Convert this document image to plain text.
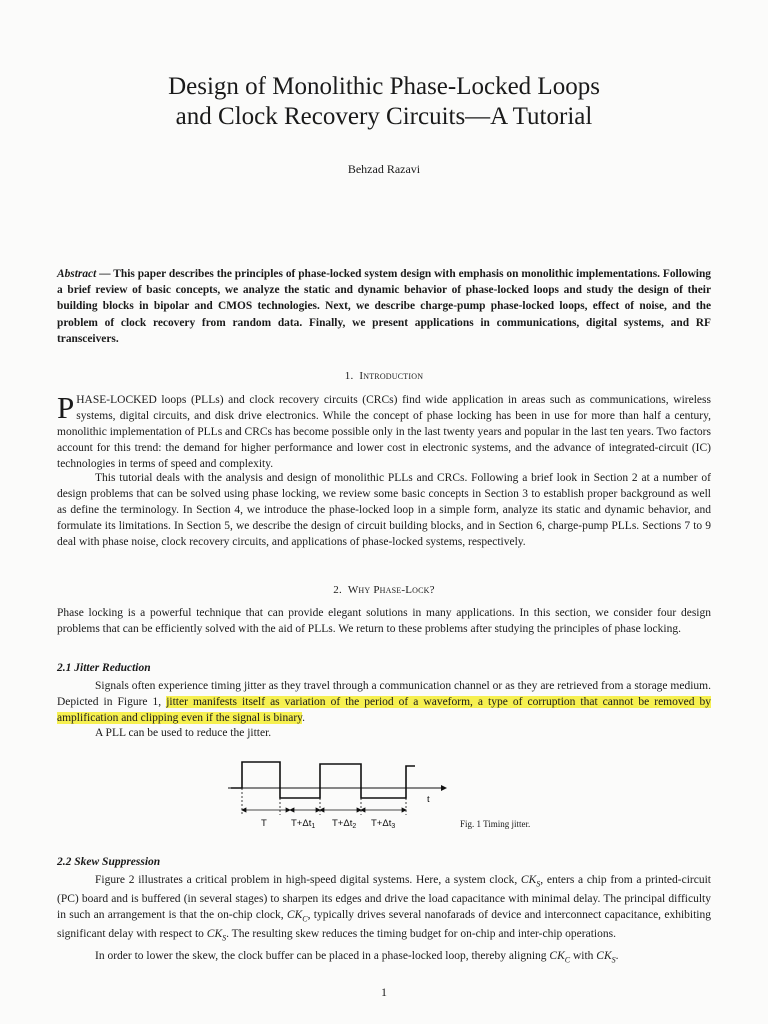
Design of Monolithic Phase-Locked Loops
and Clock Recovery Circuits—A Tutorial
Behzad Razavi
Abstract — This paper describes the principles of phase-locked system design with emphasis on monolithic implementations. Following a brief review of basic concepts, we analyze the static and dynamic behavior of phase-locked loops and study the design of their building blocks in bipolar and CMOS technologies. Next, we describe charge-pump phase-locked loops, effect of noise, and the problem of clock recovery from random data. Finally, we present applications in communications, digital systems, and RF transceivers.
1. Introduction
PHASE-LOCKED loops (PLLs) and clock recovery circuits (CRCs) find wide application in areas such as communications, wireless systems, digital circuits, and disk drive electronics. While the concept of phase locking has been in use for more than half a century, monolithic implementation of PLLs and CRCs has become possible only in the last twenty years and popular in the last ten years. Two factors account for this trend: the demand for higher performance and lower cost in electronic systems, and the advance of integrated-circuit (IC) technologies in terms of speed and complexity.
This tutorial deals with the analysis and design of monolithic PLLs and CRCs. Following a brief look in Section 2 at a number of design problems that can be solved using phase locking, we review some basic concepts in Section 3 to establish proper background as well as define the terminology. In Section 4, we introduce the phase-locked loop in a simple form, analyze its static and dynamic behavior, and formulate its limitations. In Section 5, we describe the design of circuit building blocks, and in Section 6, charge-pump PLLs. Sections 7 to 9 deal with phase noise, clock recovery circuits, and applications of phase-locked systems, respectively.
2. Why Phase-Lock?
Phase locking is a powerful technique that can provide elegant solutions in many applications. In this section, we consider four design problems that can be efficiently solved with the aid of PLLs. We return to these problems after studying the principles of phase locking.
2.1 Jitter Reduction
Signals often experience timing jitter as they travel through a communication channel or as they are retrieved from a storage medium. Depicted in Figure 1, jitter manifests itself as variation of the period of a waveform, a type of corruption that cannot be removed by amplification and clipping even if the signal is binary.
A PLL can be used to reduce the jitter.
t
T	$T+\Delta t_1$ $T+\Delta t_2$ $T+\Delta t_3$	Fig. 1 Timing jitter.
2.2 Skew Suppression
Figure 2 illustrates a critical problem in high-speed digital systems. Here, a system clock, $CK_S$, enters a chip from a printed-circuit (PC) board and is buffered (in several stages) to sharpen its edges and drive the load capacitance with minimal delay. The principal difficulty in such an arrangement is that the on-chip clock, $CK_C$, typically drives several nanofarads of device and interconnect capacitance, exhibiting significant delay with respect to $CK_S$. The resulting skew reduces the timing budget for on-chip and inter-chip operations.
In order to lower the skew, the clock buffer can be placed in a phase-locked loop, thereby aligning $CK_C$ with $CK_S$.
1
